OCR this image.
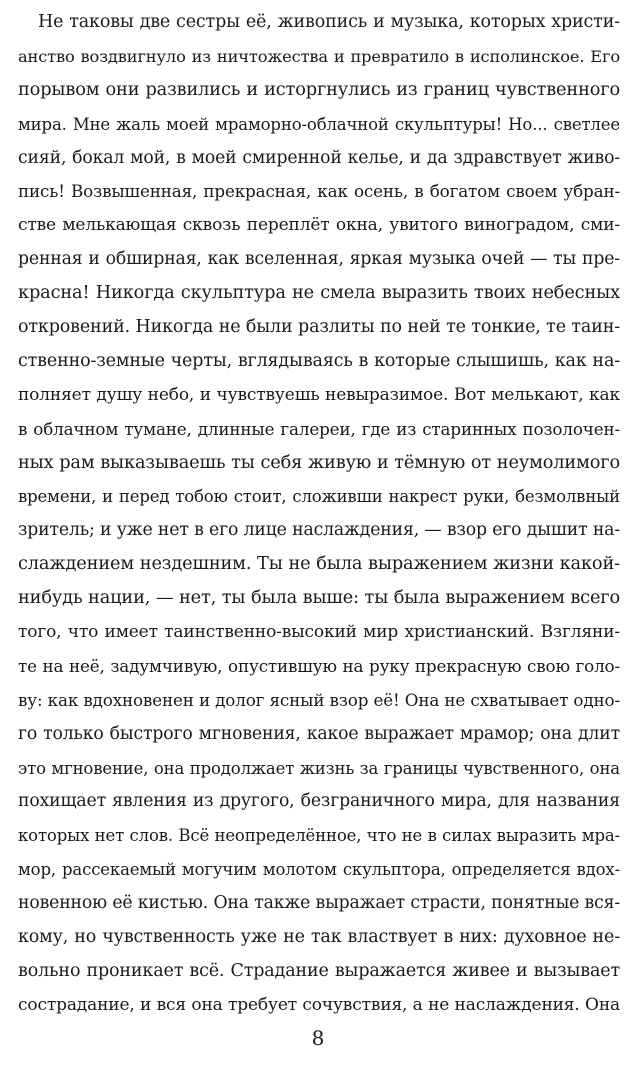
Не таковы две сестры её, живопись и музыка, которых христи-
анство воздвигнуло из ничтожества и превратило в исполинское. Его
порывом они развились и исторгнулись из границ чувственного
мира. Мне жаль моей мраморно-облачной скульптуры! Но... светлее
сияй, бокал мой, в моей смиренной келье, и да здравствует живо-
пись! Возвышенная, прекрасная, как осень, в богатом своем убран-
стве мелькающая сквозь переплёт окна, увитого виноградом, сми-
ренная и обширная, как вселенная, яркая музыка очей — ты пре-
красна! Никогда скульптура не смела выразить твоих небесных
откровений. Никогда не были разлиты по ней те тонкие, те таин-
ственно-земные черты, вглядываясь в которые слышишь, как на-
полняет душу небо, и чувствуешь невыразимое. Вот мелькают, как
в облачном тумане, длинные галереи, где из старинных позолочен-
ных рам выказываешь ты себя живую и тёмную от неумолимого
времени, и перед тобою стоит, сложивши накрест руки, безмолвный
зритель; и уже нет в его лице наслаждения, — взор его дышит на-
слаждением нездешним. Ты не была выражением жизни какой-
нибудь нации, — нет, ты была выше: ты была выражением всего
того, что имеет таинственно-высокий мир христианский. Взгляни-
те на неё, задумчивую, опустившую на руку прекрасную свою голо-
ву: как вдохновенен и долог ясный взор её! Она не схватывает одно-
го только быстрого мгновения, какое выражает мрамор; она длит
это мгновение, она продолжает жизнь за границы чувственного, она
похищает явления из другого, безграничного мира, для названия
которых нет слов. Всё неопределённое, что не в силах выразить мра-
мор, рассекаемый могучим молотом скульптора, определяется вдох-
новенною её кистью. Она также выражает страсти, понятные вся-
кому, но чувственность уже не так властвует в них: духовное не-
вольно проникает всё. Страдание выражается живее и вызывает
сострадание, и вся она требует сочувствия, а не наслаждения. Она
8
